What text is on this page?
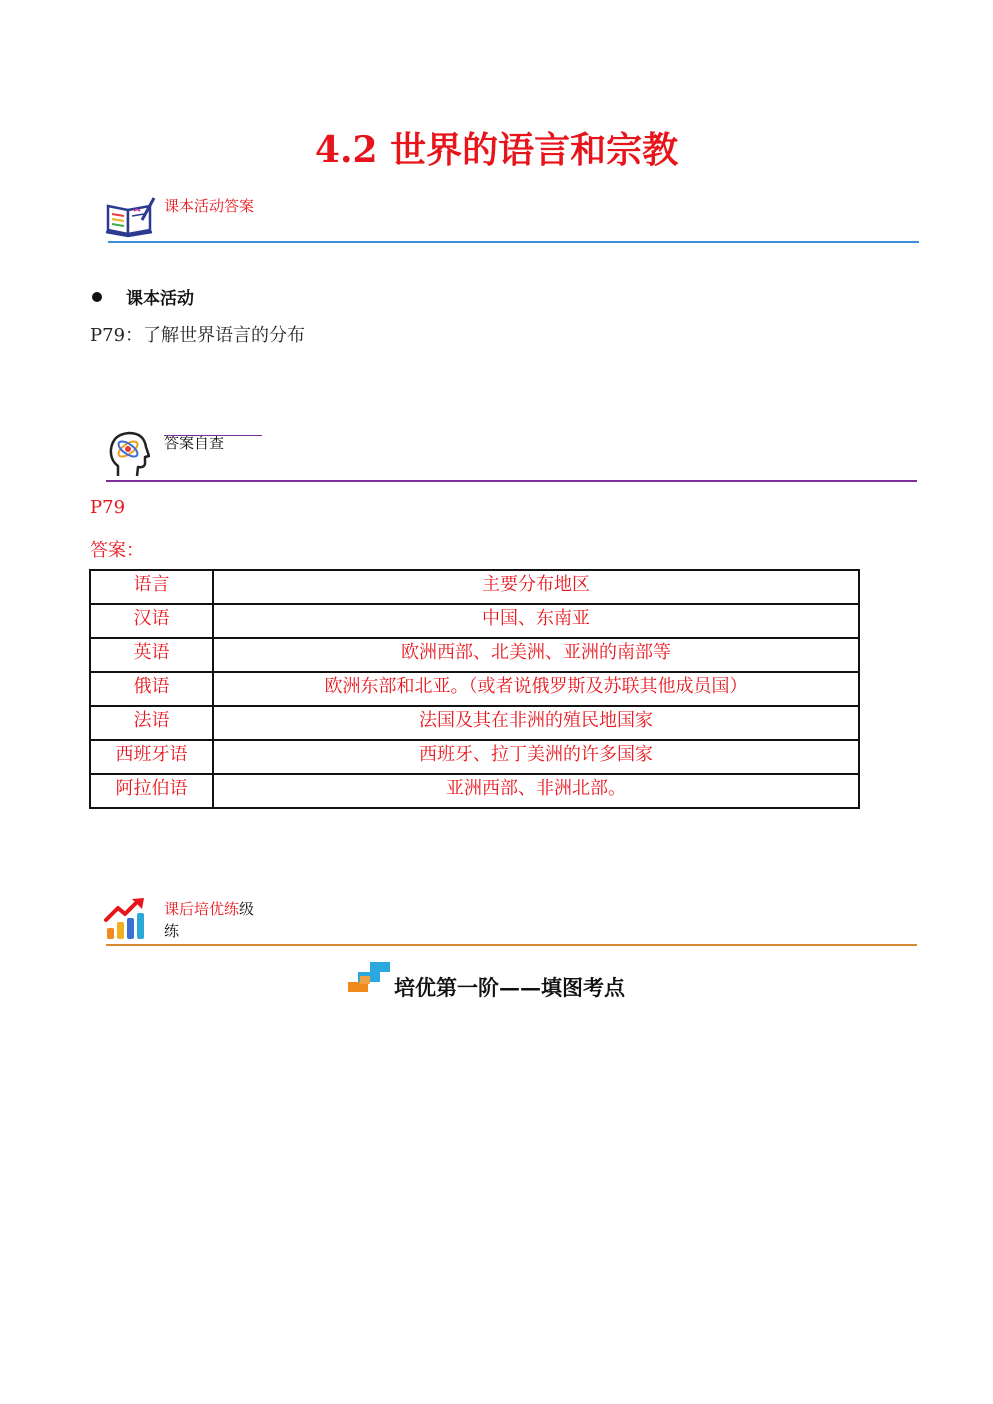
4.2 世界的语言和宗教
课本活动答案
课本活动
P79：了解世界语言的分布
答案自查
P79
答案：
语言	主要分布地区
汉语	中国、东南亚
英语	欧洲西部、北美洲、亚洲的南部等
俄语	欧洲东部和北亚。（或者说俄罗斯及苏联其他成员国）
法语	法国及其在非洲的殖民地国家
西班牙语	西班牙、拉丁美洲的许多国家
阿拉伯语	亚洲西部、非洲北部。
课后培优练级
练
培优第一阶——填图考点
